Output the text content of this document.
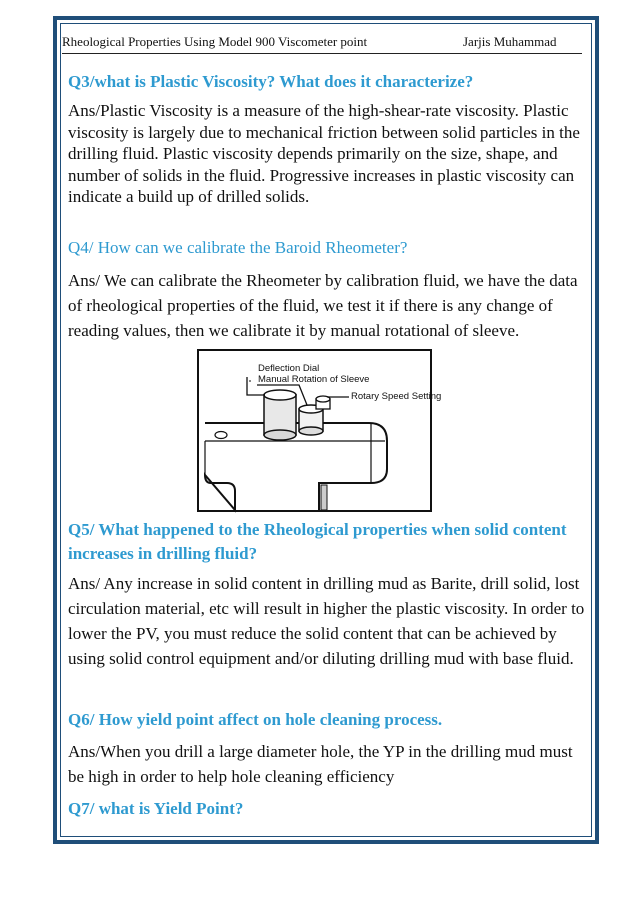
Rheological Properties Using Model 900 Viscometer point	Jarjis Muhammad
Q3/what is Plastic Viscosity? What does it characterize?
Ans/Plastic Viscosity is a measure of the high-shear-rate viscosity. Plastic viscosity is largely due to mechanical friction between solid particles in the drilling fluid. Plastic viscosity depends primarily on the size, shape, and number of solids in the fluid. Progressive increases in plastic viscosity can indicate a build up of drilled solids.
Q4/ How can we calibrate the Baroid Rheometer?
Ans/ We can calibrate the Rheometer by calibration fluid, we have the data of rheological properties of the fluid, we test it if there is any change of reading values, then we calibrate it by manual rotational of sleeve.
Deflection Dial
Manual Rotation of Sleeve
Rotary Speed Setting
Q5/ What happened to the Rheological properties when solid content increases in drilling fluid?
Ans/ Any increase in solid content in drilling mud as Barite, drill solid, lost circulation material, etc will result in higher the plastic viscosity. In order to lower the PV, you must reduce the solid content that can be achieved by using solid control equipment and/or diluting drilling mud with base fluid.
Q6/ How yield point affect on hole cleaning process.
Ans/When you drill a large diameter hole, the YP in the drilling mud must be high in order to help hole cleaning efficiency
Q7/ what is Yield Point?
